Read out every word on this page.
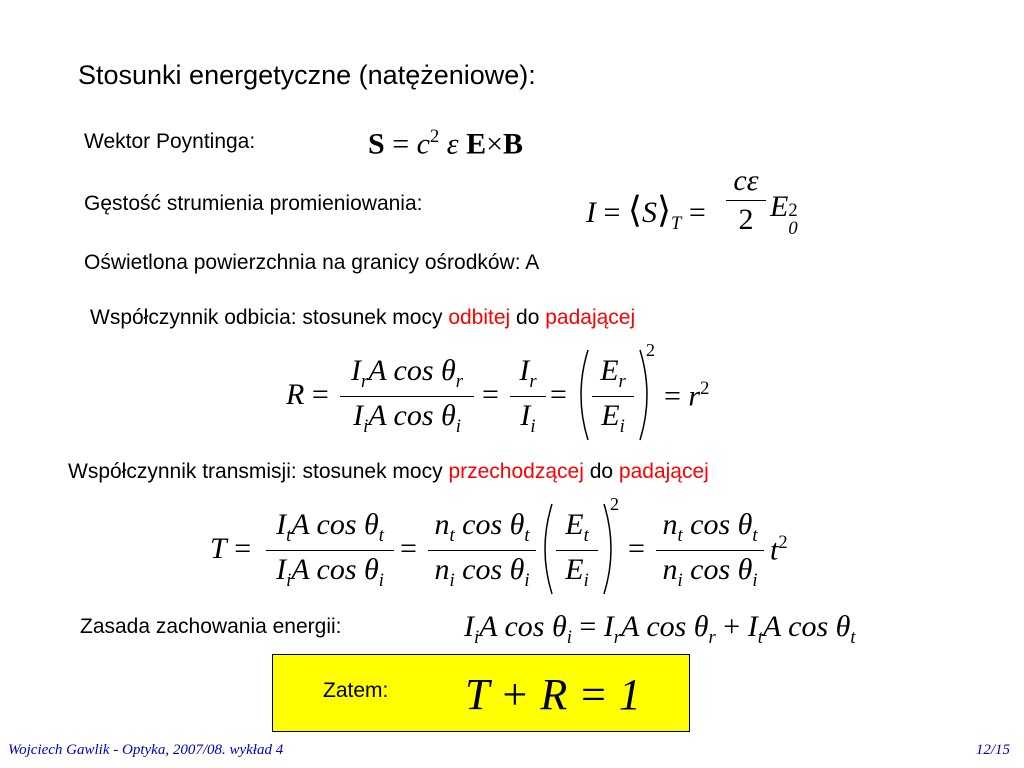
Stosunki energetyczne (natężeniowe):
Wektor Poyntinga:	$S = c^2$ ε E×B
Gęstość strumienia promieniowania:	$I = ⟨S⟩_T$ =
cε
2 E 2
0
Oświetlona powierzchnia na granicy ośrodków: A
Współczynnik odbicia: stosunek mocy odbitej do padającej
R =
$I_rA$ $\cos \theta_r$
$I_iA$ $\cos \theta_i$
=
$I_r$
$I_i$
=
$E_r$
$E_i$
2
= $r^2$
Współczynnik transmisji: stosunek mocy przechodzącej do padającej
T =
$I_tA$ $\cos \theta_t$
$I_iA$ $\cos \theta_i$
=
$n_t$ $\cos \theta_t$
$n_i$ $\cos \theta_i$
$E_t$
$E_i$
2
=
$n_t$ $\cos \theta_t$
$n_i$ $\cos \theta_i$
$t^2$
Zasada zachowania energii:	$I_iA$ $\cos \theta_i = I_rA$ $\cos \theta_r + I_tA$ $\cos \theta_t$
Zatem: T + R = 1
Wojciech Gawlik - Optyka, 2007/08. wykład 4	12/15
